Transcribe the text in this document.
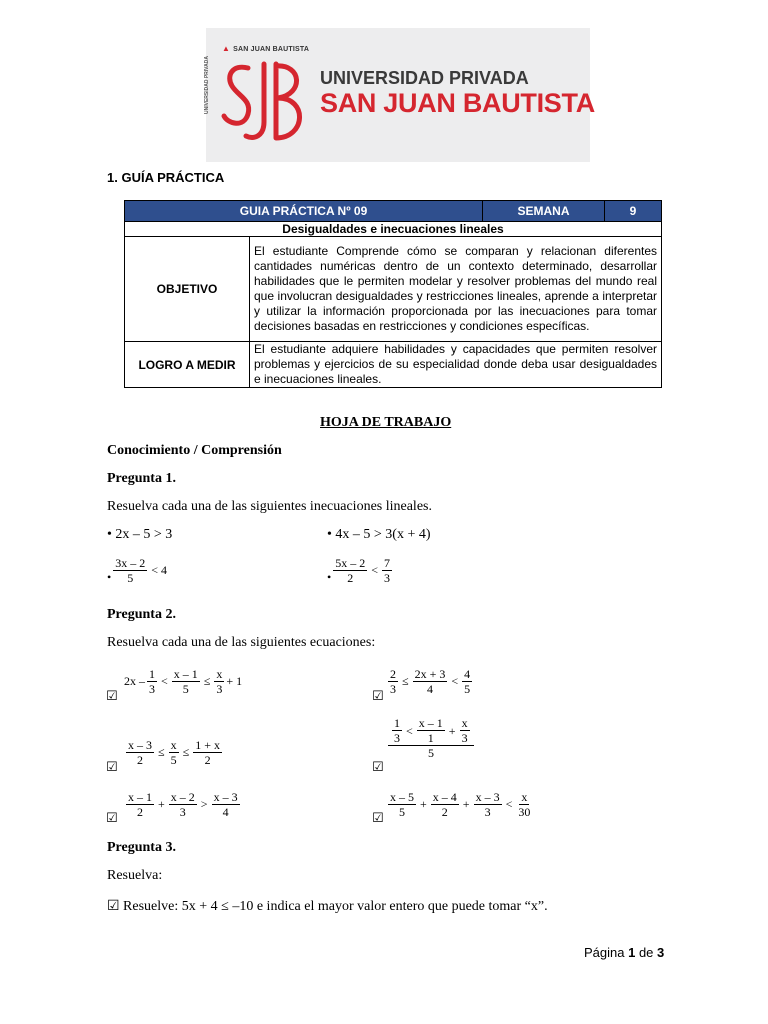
▲ SAN JUAN BAUTISTA
UNIVERSIDAD PRIVADA	SJB
UNIVERSIDAD PRIVADA
SAN JUAN BAUTISTA
1. GUÍA PRÁCTICA
GUIA PRÁCTICA Nº 09		SEMANA	9
Desigualdades e inecuaciones lineales			
OBJETIVO	El estudiante Comprende cómo se comparan y relacionan diferentes cantidades numéricas dentro de un contexto determinado, desarrollar habilidades que le permiten modelar y resolver problemas del mundo real que involucran desigualdades y restricciones lineales, aprende a interpretar y utilizar la información proporcionada por las inecuaciones para tomar decisiones basadas en restricciones y condiciones específicas.		
LOGRO A MEDIR	El estudiante adquiere habilidades y capacidades que permiten resolver problemas y ejercicios de su especialidad donde deba usar desigualdades e inecuaciones lineales.		
HOJA DE TRABAJO
Conocimiento / Comprensión
Pregunta 1.
Resuelva cada una de las siguientes inecuaciones lineales.
• 2x – 5 > 3	• 4x – 5 > 3(x + 4)
•
3x – 2
5
< 4	•
5x – 2
2
< 7
3
Pregunta 2.
Resuelva cada una de las siguientes ecuaciones:
☑
2x – 1
3
< $\frac{x - 1}{5} \le \frac{x}{3} + 1$
☑
$\frac{2}{3} \le \frac{2x + 3}{4} < 4$
5
☑
$\frac{x - 3}{2} \le \frac{x}{5} \le \frac{1 + x}{2}$
☑
1
3
<
x – 1
1
+ $\frac{x}{3}$
5
☑
x – 1
2
+ $\frac{x - 2}{3} > x - 3$
4	☑
x – 5
5
+ $\frac{x - 4}{2} + \frac{x - 3}{3} < x$
30
Pregunta 3.
Resuelva:
☑ Resuelve: 5x + 4 ≤ –10 e indica el mayor valor entero que puede tomar “x”.
Página 1 de 3
